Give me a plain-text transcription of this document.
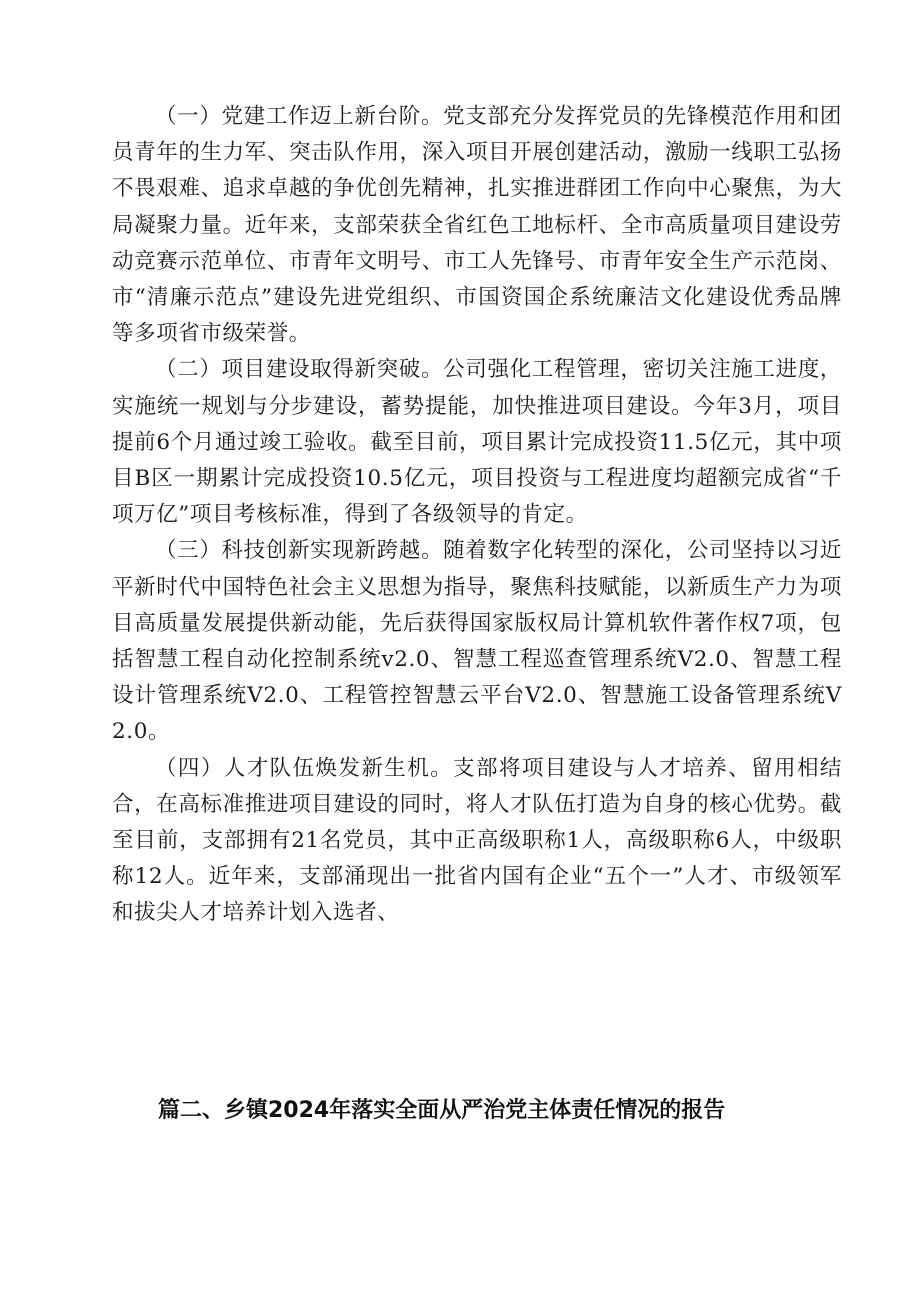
（一）党建工作迈上新台阶。党支部充分发挥党员的先锋模范作用和团员青年的生力军、突击队作用，深入项目开展创建活动，激励一线职工弘扬不畏艰难、追求卓越的争优创先精神，扎实推进群团工作向中心聚焦，为大局凝聚力量。近年来，支部荣获全省红色工地标杆、全市高质量项目建设劳动竞赛示范单位、市青年文明号、市工人先锋号、市青年安全生产示范岗、市“清廉示范点”建设先进党组织、市国资国企系统廉洁文化建设优秀品牌等多项省市级荣誉。

（二）项目建设取得新突破。公司强化工程管理，密切关注施工进度，实施统一规划与分步建设，蓄势提能，加快推进项目建设。今年3月，项目提前6个月通过竣工验收。截至目前，项目累计完成投资11.5亿元，其中项目B区一期累计完成投资10.5亿元，项目投资与工程进度均超额完成省“千项万亿”项目考核标准，得到了各级领导的肯定。

（三）科技创新实现新跨越。随着数字化转型的深化，公司坚持以习近平新时代中国特色社会主义思想为指导，聚焦科技赋能，以新质生产力为项目高质量发展提供新动能，先后获得国家版权局计算机软件著作权7项，包括智慧工程自动化控制系统v2.0、智慧工程巡查管理系统V2.0、智慧工程设计管理系统V2.0、工程管控智慧云平台V2.0、智慧施工设备管理系统V2.0。

（四）人才队伍焕发新生机。支部将项目建设与人才培养、留用相结合，在高标准推进项目建设的同时，将人才队伍打造为自身的核心优势。截至目前，支部拥有21名党员，其中正高级职称1人，高级职称6人，中级职称12人。近年来，支部涌现出一批省内国有企业“五个一”人才、市级领军和拔尖人才培养计划入选者、

篇二、乡镇2024年落实全面从严治党主体责任情况的报告
